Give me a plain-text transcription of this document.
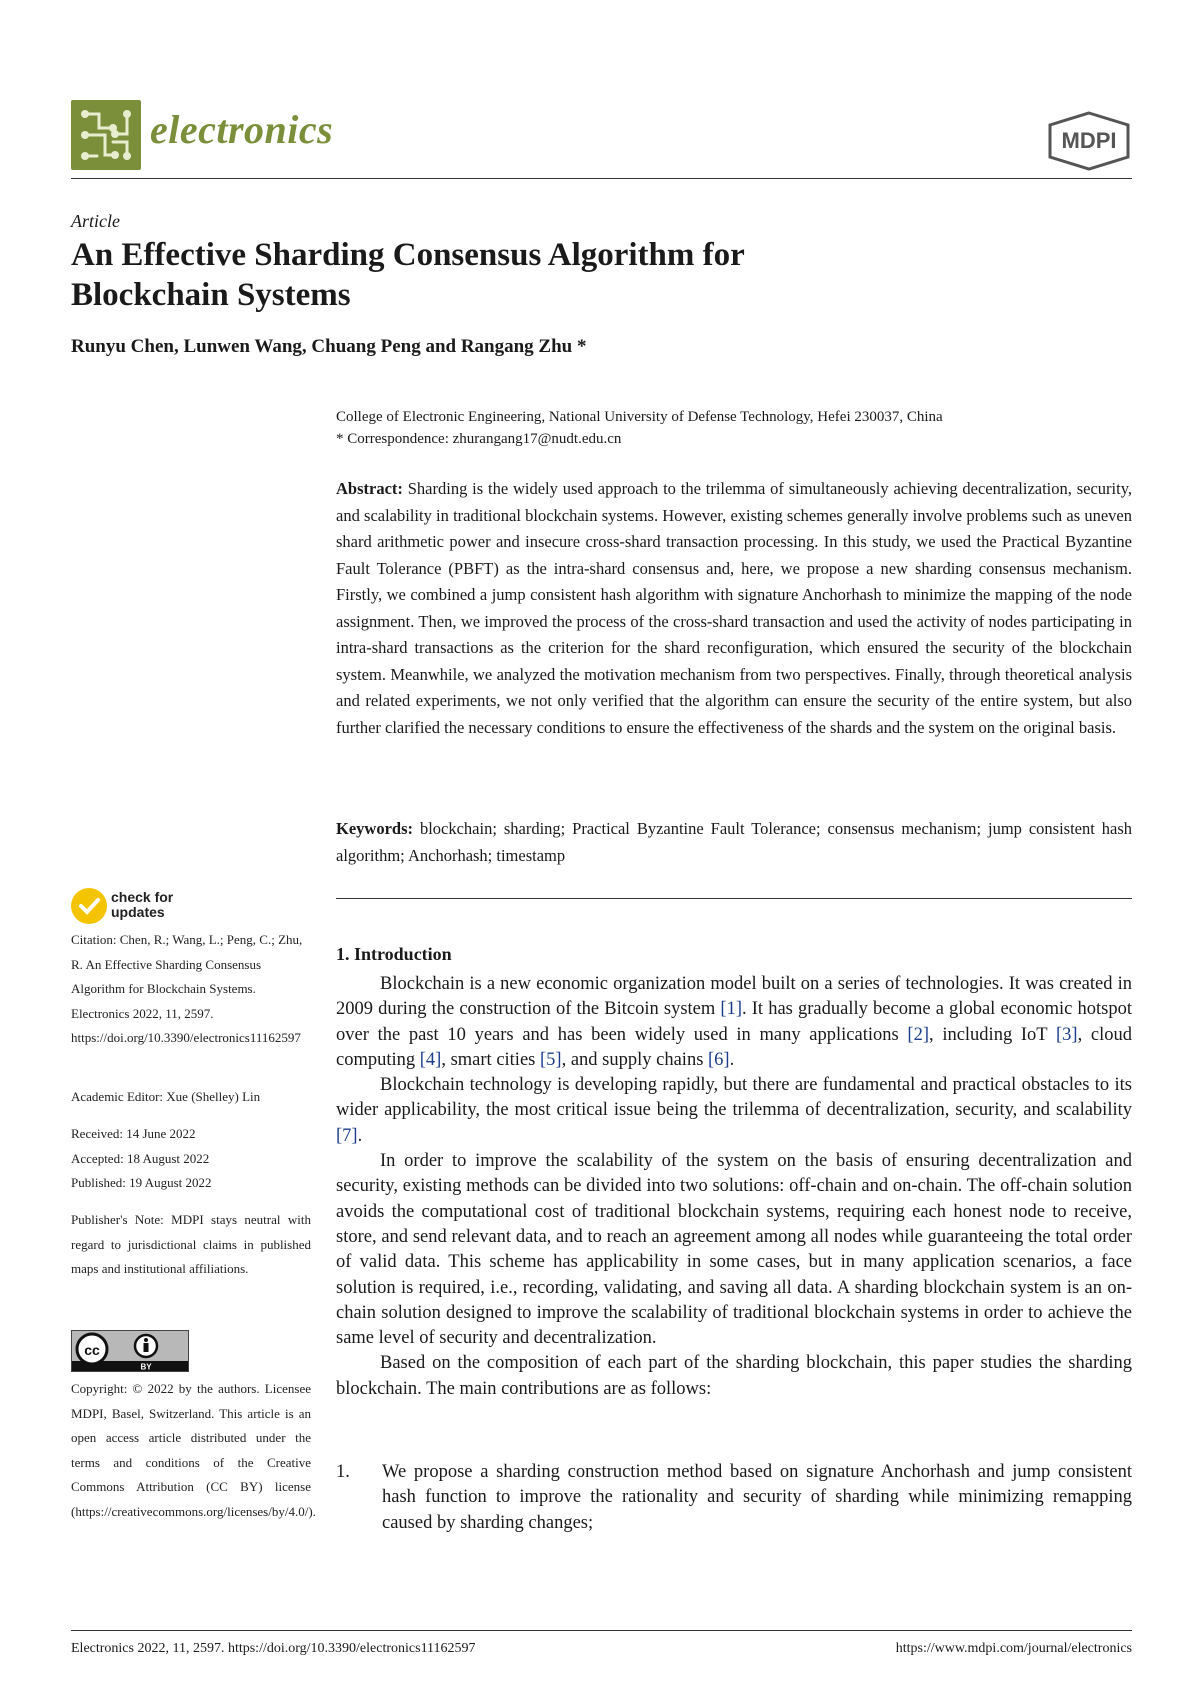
electronics	MDPI
Article
An Effective Sharding Consensus Algorithm for
Blockchain Systems
Runyu Chen, Lunwen Wang, Chuang Peng and Rangang Zhu *
College of Electronic Engineering, National University of Defense Technology, Hefei 230037, China
* Correspondence: zhurangang17@nudt.edu.cn
Abstract: Sharding is the widely used approach to the trilemma of simultaneously achieving decentralization, security, and scalability in traditional blockchain systems. However, existing schemes generally involve problems such as uneven shard arithmetic power and insecure cross-shard transaction processing. In this study, we used the Practical Byzantine Fault Tolerance (PBFT) as the intra-shard consensus and, here, we propose a new sharding consensus mechanism. Firstly, we combined a jump consistent hash algorithm with signature Anchorhash to minimize the mapping of the node assignment. Then, we improved the process of the cross-shard transaction and used the activity of nodes participating in intra-shard transactions as the criterion for the shard reconfiguration, which ensured the security of the blockchain system. Meanwhile, we analyzed the motivation mechanism from two perspectives. Finally, through theoretical analysis and related experiments, we not only verified that the algorithm can ensure the security of the entire system, but also further clarified the necessary conditions to ensure the effectiveness of the shards and the system on the original basis.
Keywords: blockchain; sharding; Practical Byzantine Fault Tolerance; consensus mechanism; jump consistent hash algorithm; Anchorhash; timestamp
check for
updates
Citation: Chen, R.; Wang, L.; Peng, C.; Zhu, R. An Effective Sharding Consensus Algorithm for Blockchain Systems. Electronics 2022, 11, 2597. https://doi.org/10.3390/electronics11162597
Academic Editor: Xue (Shelley) Lin
Received: 14 June 2022
Accepted: 18 August 2022
Published: 19 August 2022
Publisher's Note: MDPI stays neutral with regard to jurisdictional claims in published maps and institutional affiliations.
cc
BY
Copyright: © 2022 by the authors. Licensee MDPI, Basel, Switzerland. This article is an open access article distributed under the terms and conditions of the Creative Commons Attribution (CC BY) license (https://creativecommons.org/licenses/by/4.0/).
1. Introduction

Blockchain is a new economic organization model built on a series of technologies. It was created in 2009 during the construction of the Bitcoin system [1]. It has gradually become a global economic hotspot over the past 10 years and has been widely used in many applications [2], including IoT [3], cloud computing [4], smart cities [5], and supply chains [6].

Blockchain technology is developing rapidly, but there are fundamental and practical obstacles to its wider applicability, the most critical issue being the trilemma of decentralization, security, and scalability [7].

In order to improve the scalability of the system on the basis of ensuring decentralization and security, existing methods can be divided into two solutions: off-chain and on-chain. The off-chain solution avoids the computational cost of traditional blockchain systems, requiring each honest node to receive, store, and send relevant data, and to reach an agreement among all nodes while guaranteeing the total order of valid data. This scheme has applicability in some cases, but in many application scenarios, a face solution is required, i.e., recording, validating, and saving all data. A sharding blockchain system is an on-chain solution designed to improve the scalability of traditional blockchain systems in order to achieve the same level of security and decentralization.

Based on the composition of each part of the sharding blockchain, this paper studies the sharding blockchain. The main contributions are as follows:

1. We propose a sharding construction method based on signature Anchorhash and jump consistent hash function to improve the rationality and security of sharding while minimizing remapping caused by sharding changes;
Electronics 2022, 11, 2597. https://doi.org/10.3390/electronics11162597	https://www.mdpi.com/journal/electronics
